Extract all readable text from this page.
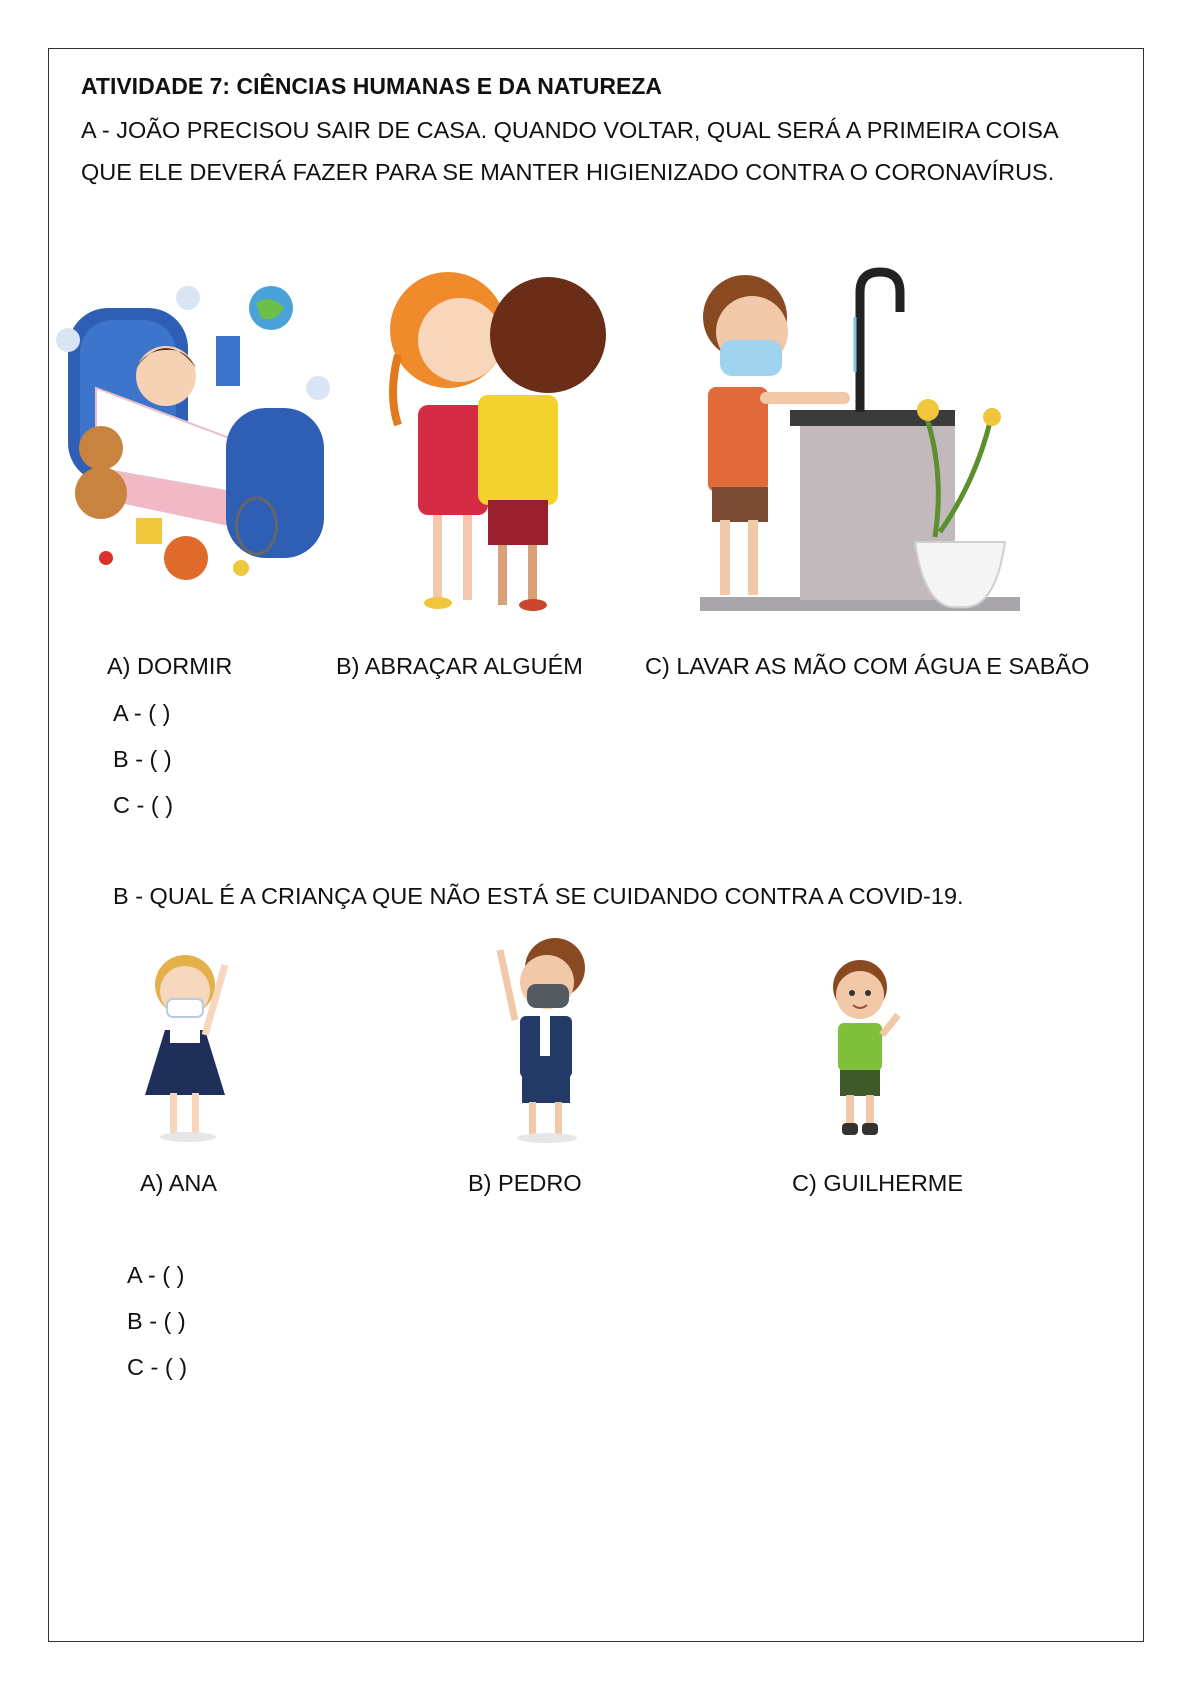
ATIVIDADE 7: CIÊNCIAS HUMANAS E DA NATUREZA
A - JOÃO PRECISOU SAIR DE CASA. QUANDO VOLTAR, QUAL SERÁ A PRIMEIRA COISA
QUE ELE DEVERÁ FAZER PARA SE MANTER HIGIENIZADO CONTRA O CORONAVÍRUS.
A) DORMIR	B) ABRAÇAR ALGUÉM	C) LAVAR AS MÃO COM ÁGUA E SABÃO
A - ( )
B - ( )
C - ( )
B - QUAL É A CRIANÇA QUE NÃO ESTÁ SE CUIDANDO CONTRA A COVID-19.
A) ANA	B) PEDRO	C) GUILHERME
A - ( )
B - ( )
C - ( )
